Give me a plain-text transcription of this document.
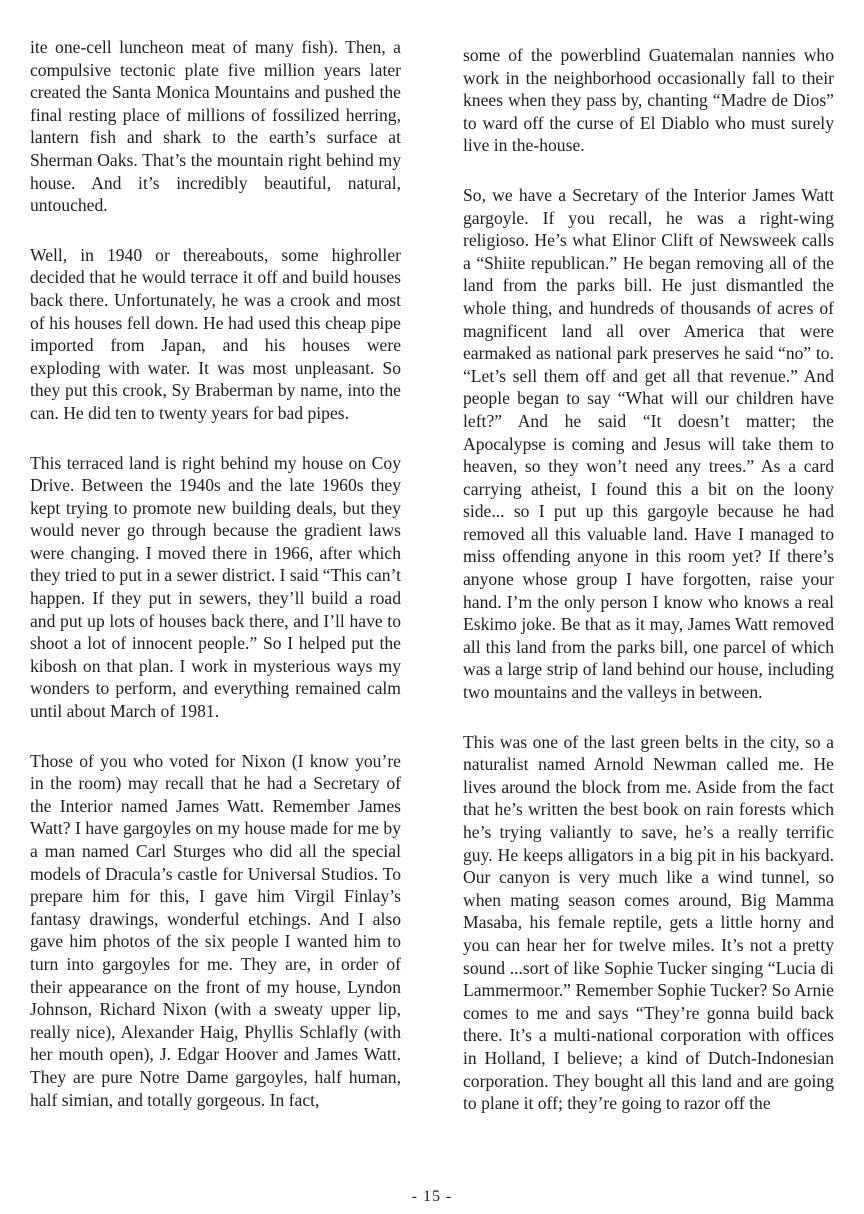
ite one-cell luncheon meat of many fish). Then, a compulsive tectonic plate five million years later created the Santa Monica Mountains and pushed the final resting place of millions of fossilized herring, lantern fish and shark to the earth’s surface at Sherman Oaks. That’s the mountain right behind my house. And it’s incredibly beautiful, natural, untouched.

Well, in 1940 or thereabouts, some highroller decided that he would terrace it off and build houses back there. Unfortunately, he was a crook and most of his houses fell down. He had used this cheap pipe imported from Japan, and his houses were exploding with water. It was most unpleasant. So they put this crook, Sy Braberman by name, into the can. He did ten to twenty years for bad pipes.

This terraced land is right behind my house on Coy Drive. Between the 1940s and the late 1960s they kept trying to promote new building deals, but they would never go through because the gradient laws were changing. I moved there in 1966, after which they tried to put in a sewer district. I said “This can’t happen. If they put in sewers, they’ll build a road and put up lots of houses back there, and I’ll have to shoot a lot of innocent people.” So I helped put the kibosh on that plan. I work in mysterious ways my wonders to perform, and everything remained calm until about March of 1981.

Those of you who voted for Nixon (I know you’re in the room) may recall that he had a Secretary of the Interior named James Watt. Remember James Watt? I have gargoyles on my house made for me by a man named Carl Sturges who did all the special models of Dracula’s castle for Universal Studios. To prepare him for this, I gave him Virgil Finlay’s fantasy drawings, wonderful etchings. And I also gave him photos of the six people I wanted him to turn into gargoyles for me. They are, in order of their appearance on the front of my house, Lyndon Johnson, Richard Nixon (with a sweaty upper lip, really nice), Alexander Haig, Phyllis Schlafly (with her mouth open), J. Edgar Hoover and James Watt. They are pure Notre Dame gargoyles, half human, half simian, and totally gorgeous. In fact,

some of the powerblind Guatemalan nannies who work in the neighborhood occasionally fall to their knees when they pass by, chanting “Madre de Dios” to ward off the curse of El Diablo who must surely live in the-house.

So, we have a Secretary of the Interior James Watt gargoyle. If you recall, he was a right-wing religioso. He’s what Elinor Clift of Newsweek calls a “Shiite republican.” He began removing all of the land from the parks bill. He just dismantled the whole thing, and hundreds of thousands of acres of magnificent land all over America that were earmaked as national park preserves he said “no” to. “Let’s sell them off and get all that revenue.” And people began to say “What will our children have left?” And he said “It doesn’t matter; the Apocalypse is coming and Jesus will take them to heaven, so they won’t need any trees.” As a card carrying atheist, I found this a bit on the loony side... so I put up this gargoyle because he had removed all this valuable land. Have I managed to miss offending anyone in this room yet? If there’s anyone whose group I have forgotten, raise your hand. I’m the only person I know who knows a real Eskimo joke. Be that as it may, James Watt removed all this land from the parks bill, one parcel of which was a large strip of land behind our house, including two mountains and the valleys in between.

This was one of the last green belts in the city, so a naturalist named Arnold Newman called me. He lives around the block from me. Aside from the fact that he’s written the best book on rain forests which he’s trying valiantly to save, he’s a really terrific guy. He keeps alligators in a big pit in his backyard. Our canyon is very much like a wind tunnel, so when mating season comes around, Big Mamma Masaba, his female reptile, gets a little horny and you can hear her for twelve miles. It’s not a pretty sound ...sort of like Sophie Tucker singing “Lucia di Lammermoor.” Remember Sophie Tucker? So Arnie comes to me and says “They’re gonna build back there. It’s a multi-national corporation with offices in Holland, I believe; a kind of Dutch-Indonesian corporation. They bought all this land and are going to plane it off; they’re going to razor off the

- 15 -
